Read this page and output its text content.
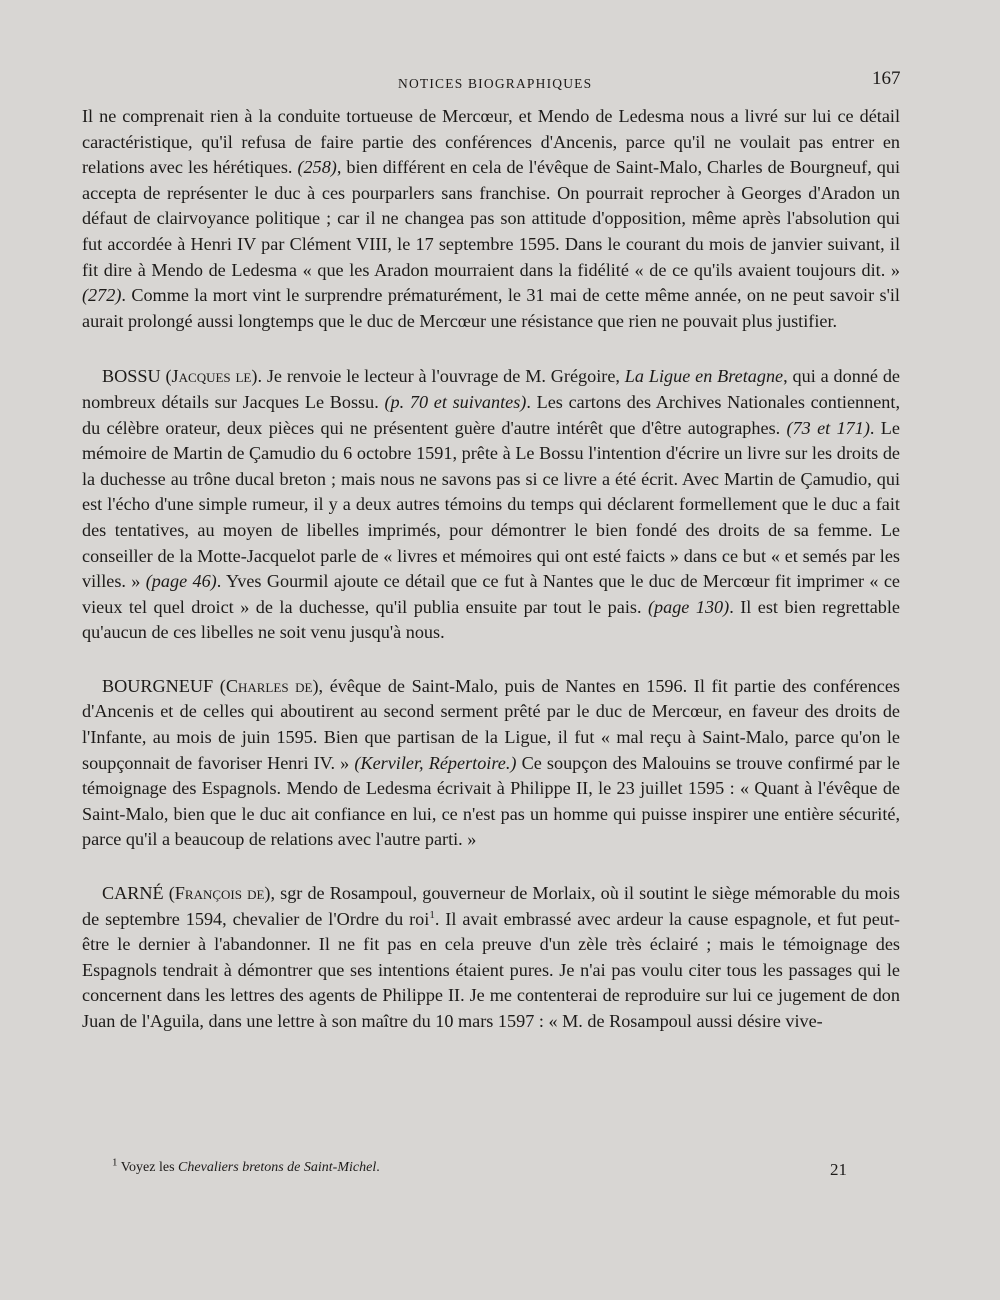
NOTICES BIOGRAPHIQUES	167

Il ne comprenait rien à la conduite tortueuse de Mercœur, et Mendo de Ledesma nous a livré sur lui ce détail caractéristique, qu'il refusa de faire partie des conférences d'Ancenis, parce qu'il ne voulait pas entrer en relations avec les hérétiques. (258), bien différent en cela de l'évêque de Saint-Malo, Charles de Bourgneuf, qui accepta de représenter le duc à ces pourparlers sans franchise. On pourrait reprocher à Georges d'Aradon un défaut de clairvoyance politique ; car il ne changea pas son attitude d'opposition, même après l'absolution qui fut accordée à Henri IV par Clément VIII, le 17 septembre 1595. Dans le courant du mois de janvier suivant, il fit dire à Mendo de Ledesma « que les Aradon mourraient dans la fidélité « de ce qu'ils avaient toujours dit. » (272). Comme la mort vint le surprendre prématurément, le 31 mai de cette même année, on ne peut savoir s'il aurait prolongé aussi longtemps que le duc de Mercœur une résistance que rien ne pouvait plus justifier.

BOSSU (Jacques le). Je renvoie le lecteur à l'ouvrage de M. Grégoire, La Ligue en Bretagne, qui a donné de nombreux détails sur Jacques Le Bossu. (p. 70 et suivantes). Les cartons des Archives Nationales contiennent, du célèbre orateur, deux pièces qui ne présentent guère d'autre intérêt que d'être autographes. (73 et 171). Le mémoire de Martin de Çamudio du 6 octobre 1591, prête à Le Bossu l'intention d'écrire un livre sur les droits de la duchesse au trône ducal breton ; mais nous ne savons pas si ce livre a été écrit. Avec Martin de Çamudio, qui est l'écho d'une simple rumeur, il y a deux autres témoins du temps qui déclarent formellement que le duc a fait des tentatives, au moyen de libelles imprimés, pour démontrer le bien fondé des droits de sa femme. Le conseiller de la Motte-Jacquelot parle de « livres et mémoires qui ont esté faicts » dans ce but « et semés par les villes. » (page 46). Yves Gourmil ajoute ce détail que ce fut à Nantes que le duc de Mercœur fit imprimer « ce vieux tel quel droict » de la duchesse, qu'il publia ensuite par tout le pais. (page 130). Il est bien regrettable qu'aucun de ces libelles ne soit venu jusqu'à nous.

BOURGNEUF (Charles de), évêque de Saint-Malo, puis de Nantes en 1596. Il fit partie des conférences d'Ancenis et de celles qui aboutirent au second serment prêté par le duc de Mercœur, en faveur des droits de l'Infante, au mois de juin 1595. Bien que partisan de la Ligue, il fut « mal reçu à Saint-Malo, parce qu'on le soupçonnait de favoriser Henri IV. » (Kerviler, Répertoire.) Ce soupçon des Malouins se trouve confirmé par le témoignage des Espagnols. Mendo de Ledesma écrivait à Philippe II, le 23 juillet 1595 : « Quant à l'évêque de Saint-Malo, bien que le duc ait confiance en lui, ce n'est pas un homme qui puisse inspirer une entière sécurité, parce qu'il a beaucoup de relations avec l'autre parti. »

CARNÉ (François de), sgr de Rosampoul, gouverneur de Morlaix, où il soutint le siège mémorable du mois de septembre 1594, chevalier de l'Ordre du roi$^1$. Il avait embrassé avec ardeur la cause espagnole, et fut peut-être le dernier à l'abandonner. Il ne fit pas en cela preuve d'un zèle très éclairé ; mais le témoignage des Espagnols tendrait à démontrer que ses intentions étaient pures. Je n'ai pas voulu citer tous les passages qui le concernent dans les lettres des agents de Philippe II. Je me contenterai de reproduire sur lui ce jugement de don Juan de l'Aguila, dans une lettre à son maître du 10 mars 1597 : « M. de Rosampoul aussi désire vive-

$^1$ Voyez les Chevaliers bretons de Saint-Michel.	21
